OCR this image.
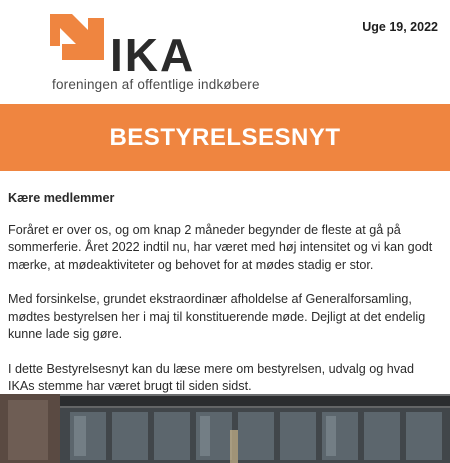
IKA
foreningen af offentlige indkøbere
Uge 19, 2022
BESTYRELSESNYT

Kære medlemmer

Foråret er over os, og om knap 2 måneder begynder de fleste at gå på sommerferie. Året 2022 indtil nu, har været med høj intensitet og vi kan godt mærke, at mødeaktiviteter og behovet for at mødes stadig er stor.

Med forsinkelse, grundet ekstraordinær afholdelse af Generalforsamling, mødtes bestyrelsen her i maj til konstituerende møde. Dejligt at det endelig kunne lade sig gøre.

I dette Bestyrelsesnyt kan du læse mere om bestyrelsen, udvalg og hvad IKAs stemme har været brugt til siden sidst.
